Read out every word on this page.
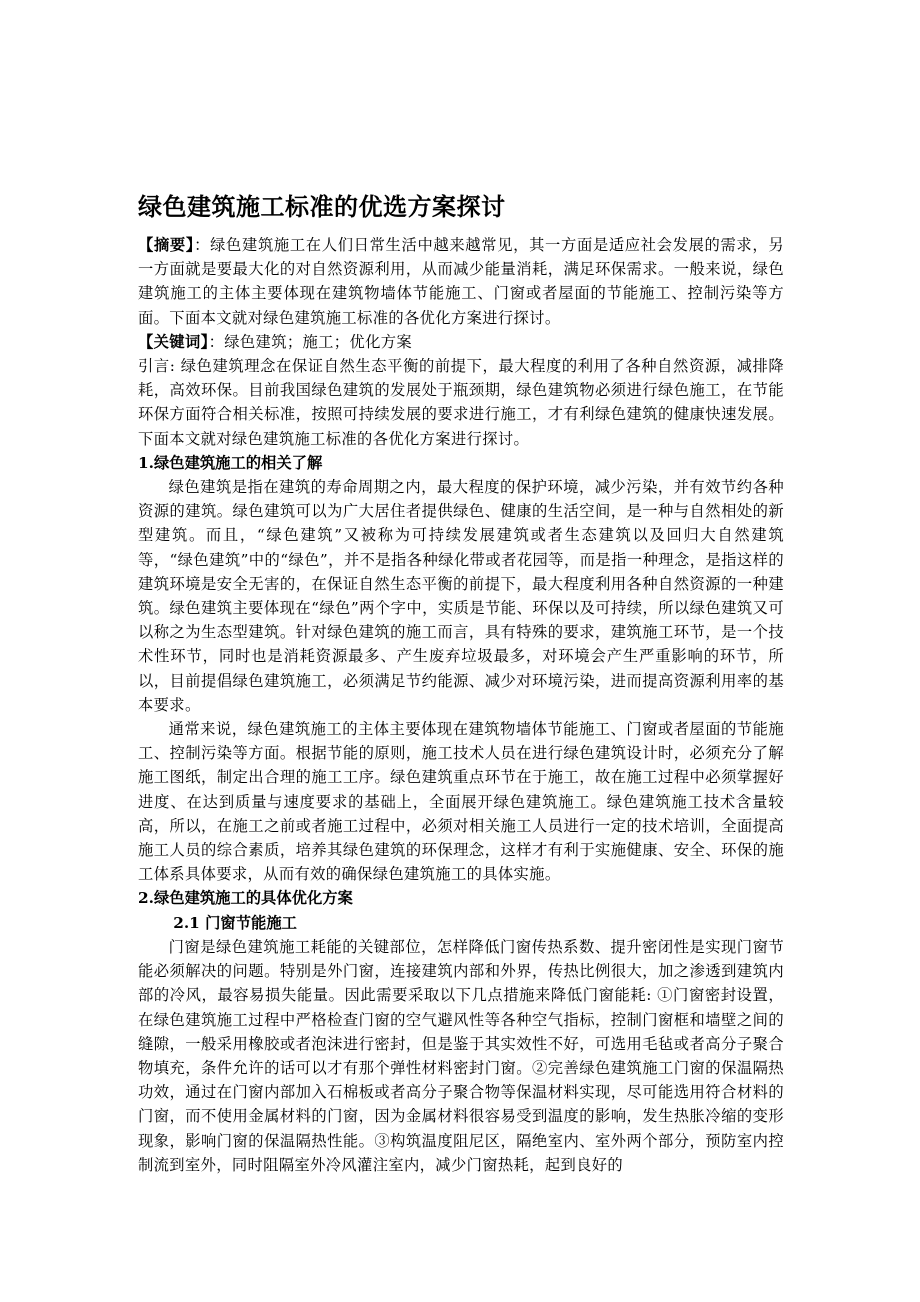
绿色建筑施工标准的优选方案探讨

【摘要】：绿色建筑施工在人们日常生活中越来越常见，其一方面是适应社会发展的需求，另一方面就是要最大化的对自然资源利用，从而减少能量消耗，满足环保需求。一般来说，绿色建筑施工的主体主要体现在建筑物墙体节能施工、门窗或者屋面的节能施工、控制污染等方面。下面本文就对绿色建筑施工标准的各优化方案进行探讨。

【关键词】：绿色建筑；施工；优化方案

引言: 绿色建筑理念在保证自然生态平衡的前提下，最大程度的利用了各种自然资源，减排降耗，高效环保。目前我国绿色建筑的发展处于瓶颈期，绿色建筑物必须进行绿色施工，在节能环保方面符合相关标准，按照可持续发展的要求进行施工，才有利绿色建筑的健康快速发展。下面本文就对绿色建筑施工标准的各优化方案进行探讨。

1.绿色建筑施工的相关了解

绿色建筑是指在建筑的寿命周期之内，最大程度的保护环境，减少污染，并有效节约各种资源的建筑。绿色建筑可以为广大居住者提供绿色、健康的生活空间，是一种与自然相处的新型建筑。而且，“绿色建筑”又被称为可持续发展建筑或者生态建筑以及回归大自然建筑等，“绿色建筑”中的“绿色”，并不是指各种绿化带或者花园等，而是指一种理念，是指这样的建筑环境是安全无害的，在保证自然生态平衡的前提下，最大程度利用各种自然资源的一种建筑。绿色建筑主要体现在“绿色”两个字中，实质是节能、环保以及可持续，所以绿色建筑又可以称之为生态型建筑。针对绿色建筑的施工而言，具有特殊的要求，建筑施工环节，是一个技术性环节，同时也是消耗资源最多、产生废弃垃圾最多，对环境会产生严重影响的环节，所以，目前提倡绿色建筑施工，必须满足节约能源、减少对环境污染，进而提高资源利用率的基本要求。

通常来说，绿色建筑施工的主体主要体现在建筑物墙体节能施工、门窗或者屋面的节能施工、控制污染等方面。根据节能的原则，施工技术人员在进行绿色建筑设计时，必须充分了解施工图纸，制定出合理的施工工序。绿色建筑重点环节在于施工，故在施工过程中必须掌握好进度、在达到质量与速度要求的基础上，全面展开绿色建筑施工。绿色建筑施工技术含量较高，所以，在施工之前或者施工过程中，必须对相关施工人员进行一定的技术培训，全面提高施工人员的综合素质，培养其绿色建筑的环保理念，这样才有利于实施健康、安全、环保的施工体系具体要求，从而有效的确保绿色建筑施工的具体实施。

2.绿色建筑施工的具体优化方案
2.1 门窗节能施工

门窗是绿色建筑施工耗能的关键部位，怎样降低门窗传热系数、提升密闭性是实现门窗节能必须解决的问题。特别是外门窗，连接建筑内部和外界，传热比例很大，加之渗透到建筑内部的冷风，最容易损失能量。因此需要采取以下几点措施来降低门窗能耗: ①门窗密封设置，在绿色建筑施工过程中严格检查门窗的空气避风性等各种空气指标，控制门窗框和墙壁之间的缝隙，一般采用橡胶或者泡沫进行密封，但是鉴于其实效性不好，可选用毛毡或者高分子聚合物填充，条件允许的话可以才有那个弹性材料密封门窗。②完善绿色建筑施工门窗的保温隔热功效，通过在门窗内部加入石棉板或者高分子聚合物等保温材料实现，尽可能选用符合材料的门窗，而不使用金属材料的门窗，因为金属材料很容易受到温度的影响，发生热胀冷缩的变形现象，影响门窗的保温隔热性能。③构筑温度阻尼区，隔绝室内、室外两个部分，预防室内控制流到室外，同时阻隔室外冷风灌注室内，减少门窗热耗，起到良好的
